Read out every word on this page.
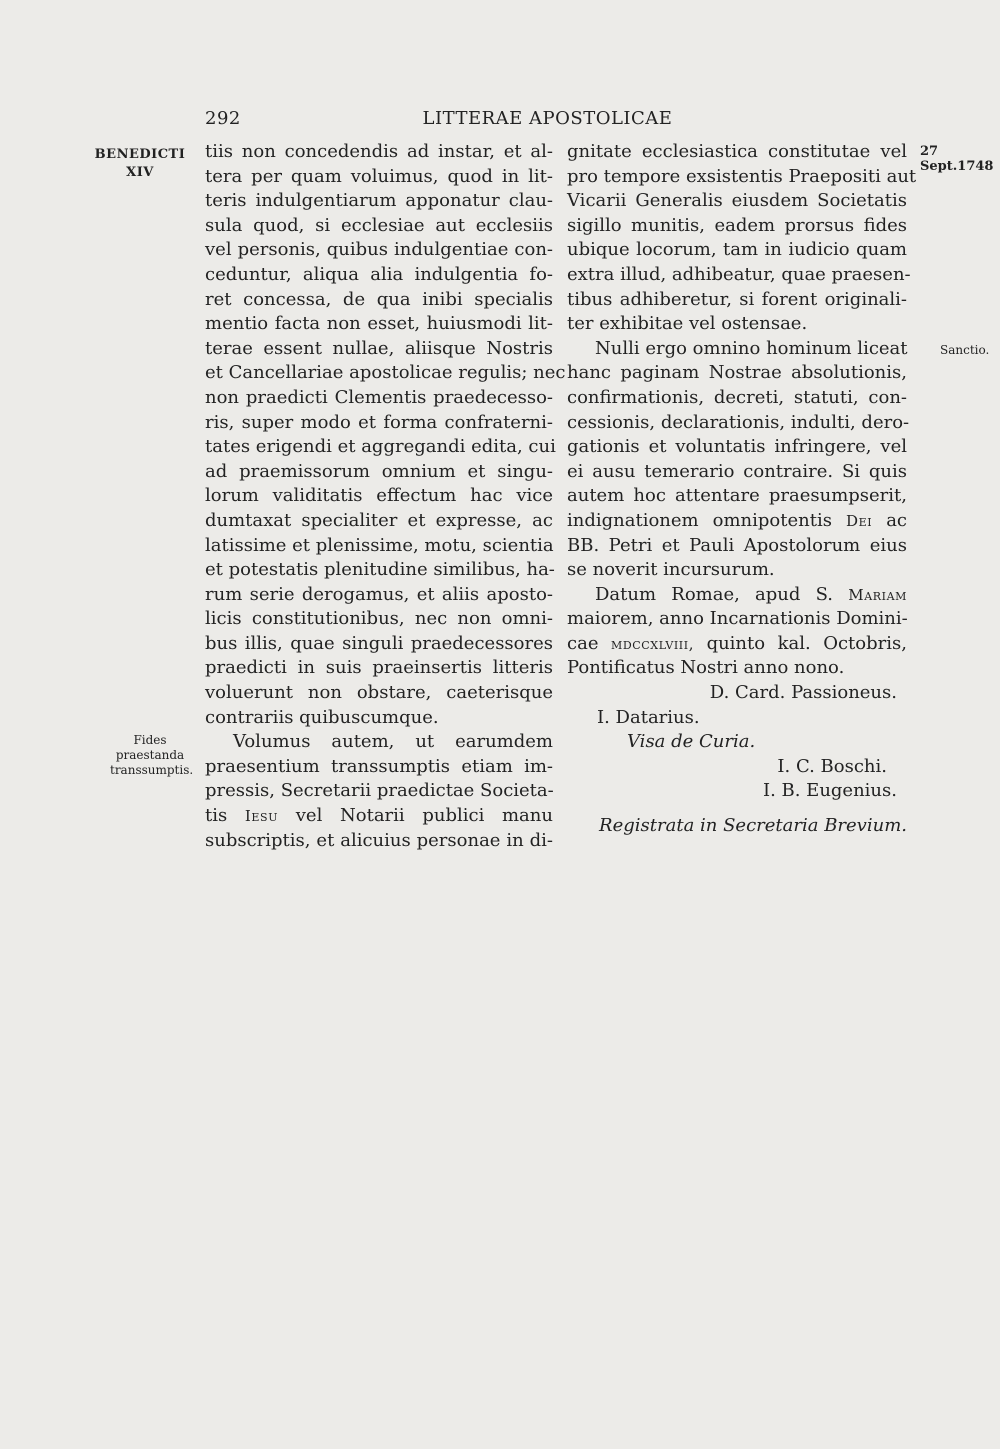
292	LITTERAE APOSTOLICAE
BENEDICTI
XIV
Fides
praestanda
transsumptis.
27 Sept.1748
Sanctio.
tiis non concedendis ad instar, et al-
tera per quam voluimus, quod in lit-
teris indulgentiarum apponatur clau-
sula quod, si ecclesiae aut ecclesiis
vel personis, quibus indulgentiae con-
ceduntur, aliqua alia indulgentia fo-
ret concessa, de qua inibi specialis
mentio facta non esset, huiusmodi lit-
terae essent nullae, aliisque Nostris
et Cancellariae apostolicae regulis; nec
non praedicti Clementis praedecesso-
ris, super modo et forma confraterni-
tates erigendi et aggregandi edita, cui
ad praemissorum omnium et singu-
lorum validitatis effectum hac vice
dumtaxat specialiter et expresse, ac
latissime et plenissime, motu, scientia
et potestatis plenitudine similibus, ha-
rum serie derogamus, et aliis aposto-
licis constitutionibus, nec non omni-
bus illis, quae singuli praedecessores
praedicti in suis praeinsertis litteris
voluerunt non obstare, caeterisque
contrariis quibuscumque.
Volumus autem, ut earumdem
praesentium transsumptis etiam im-
pressis, Secretarii praedictae Societa-
tis Iesu vel Notarii publici manu
subscriptis, et alicuius personae in di-
gnitate ecclesiastica constitutae vel
pro tempore exsistentis Praepositi aut
Vicarii Generalis eiusdem Societatis
sigillo munitis, eadem prorsus fides
ubique locorum, tam in iudicio quam
extra illud, adhibeatur, quae praesen-
tibus adhiberetur, si forent originali-
ter exhibitae vel ostensae.
Nulli ergo omnino hominum liceat
hanc paginam Nostrae absolutionis,
confirmationis, decreti, statuti, con-
cessionis, declarationis, indulti, dero-
gationis et voluntatis infringere, vel
ei ausu temerario contraire. Si quis
autem hoc attentare praesumpserit,
indignationem omnipotentis Dei ac
BB. Petri et Pauli Apostolorum eius
se noverit incursurum.
Datum Romae, apud S. Mariam
maiorem, anno Incarnationis Domini-
cae mdccxlviii, quinto kal. Octobris,
Pontificatus Nostri anno nono.
D. Card. Passioneus.
I. Datarius.
Visa de Curia.
I. C. Boschi.
I. B. Eugenius.
Registrata in Secretaria Brevium.
